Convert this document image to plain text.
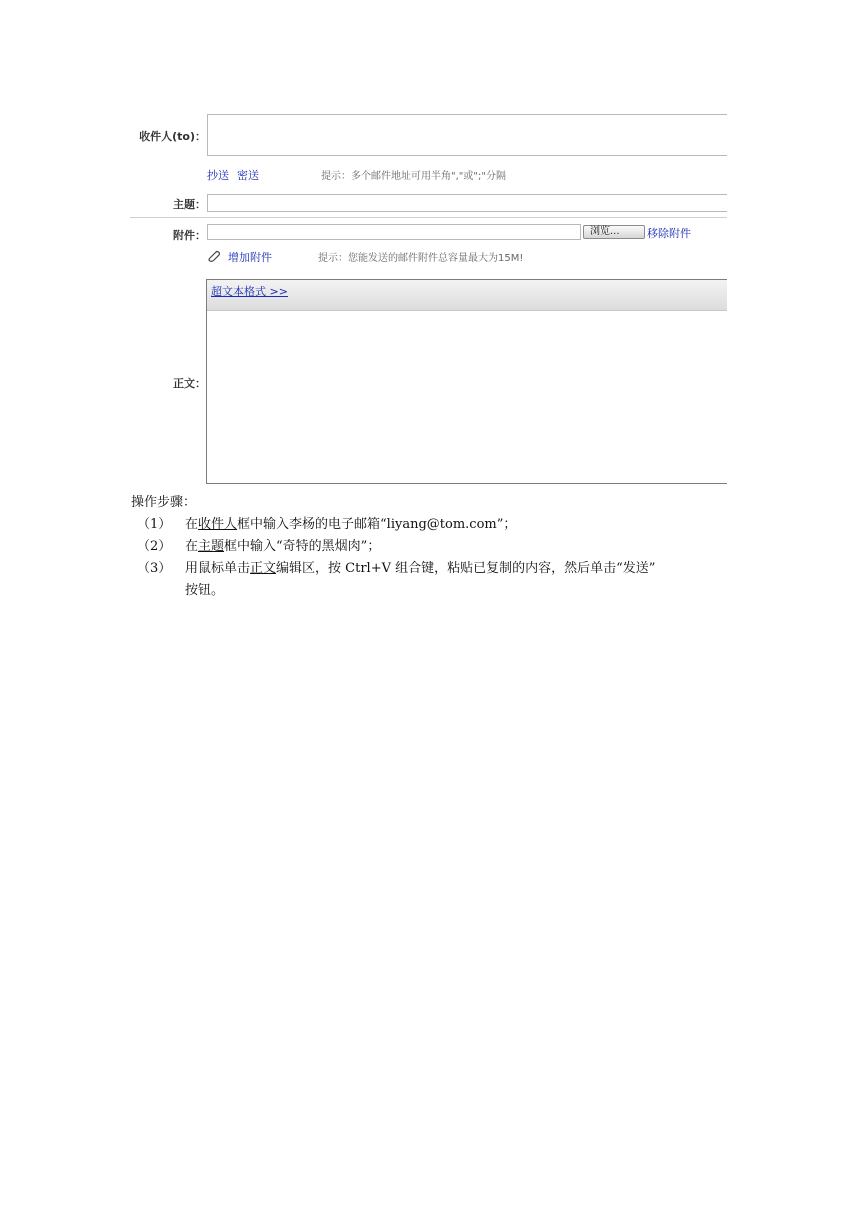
收件人(to)：
抄送 密送	提示：多个邮件地址可用半角","或";"分隔
主题：
附件：	浏览...	移除附件
增加附件	提示：您能发送的邮件附件总容量最大为15M!
正文：
超文本格式 >>
操作步骤：
（1） 在收件人框中输入李杨的电子邮箱“liyang@tom.com”；
（2） 在主题框中输入“奇特的黑烟肉”；
（3） 用鼠标单击正文编辑区，按 Ctrl+V 组合键，粘贴已复制的内容，然后单击“发送”
按钮。
